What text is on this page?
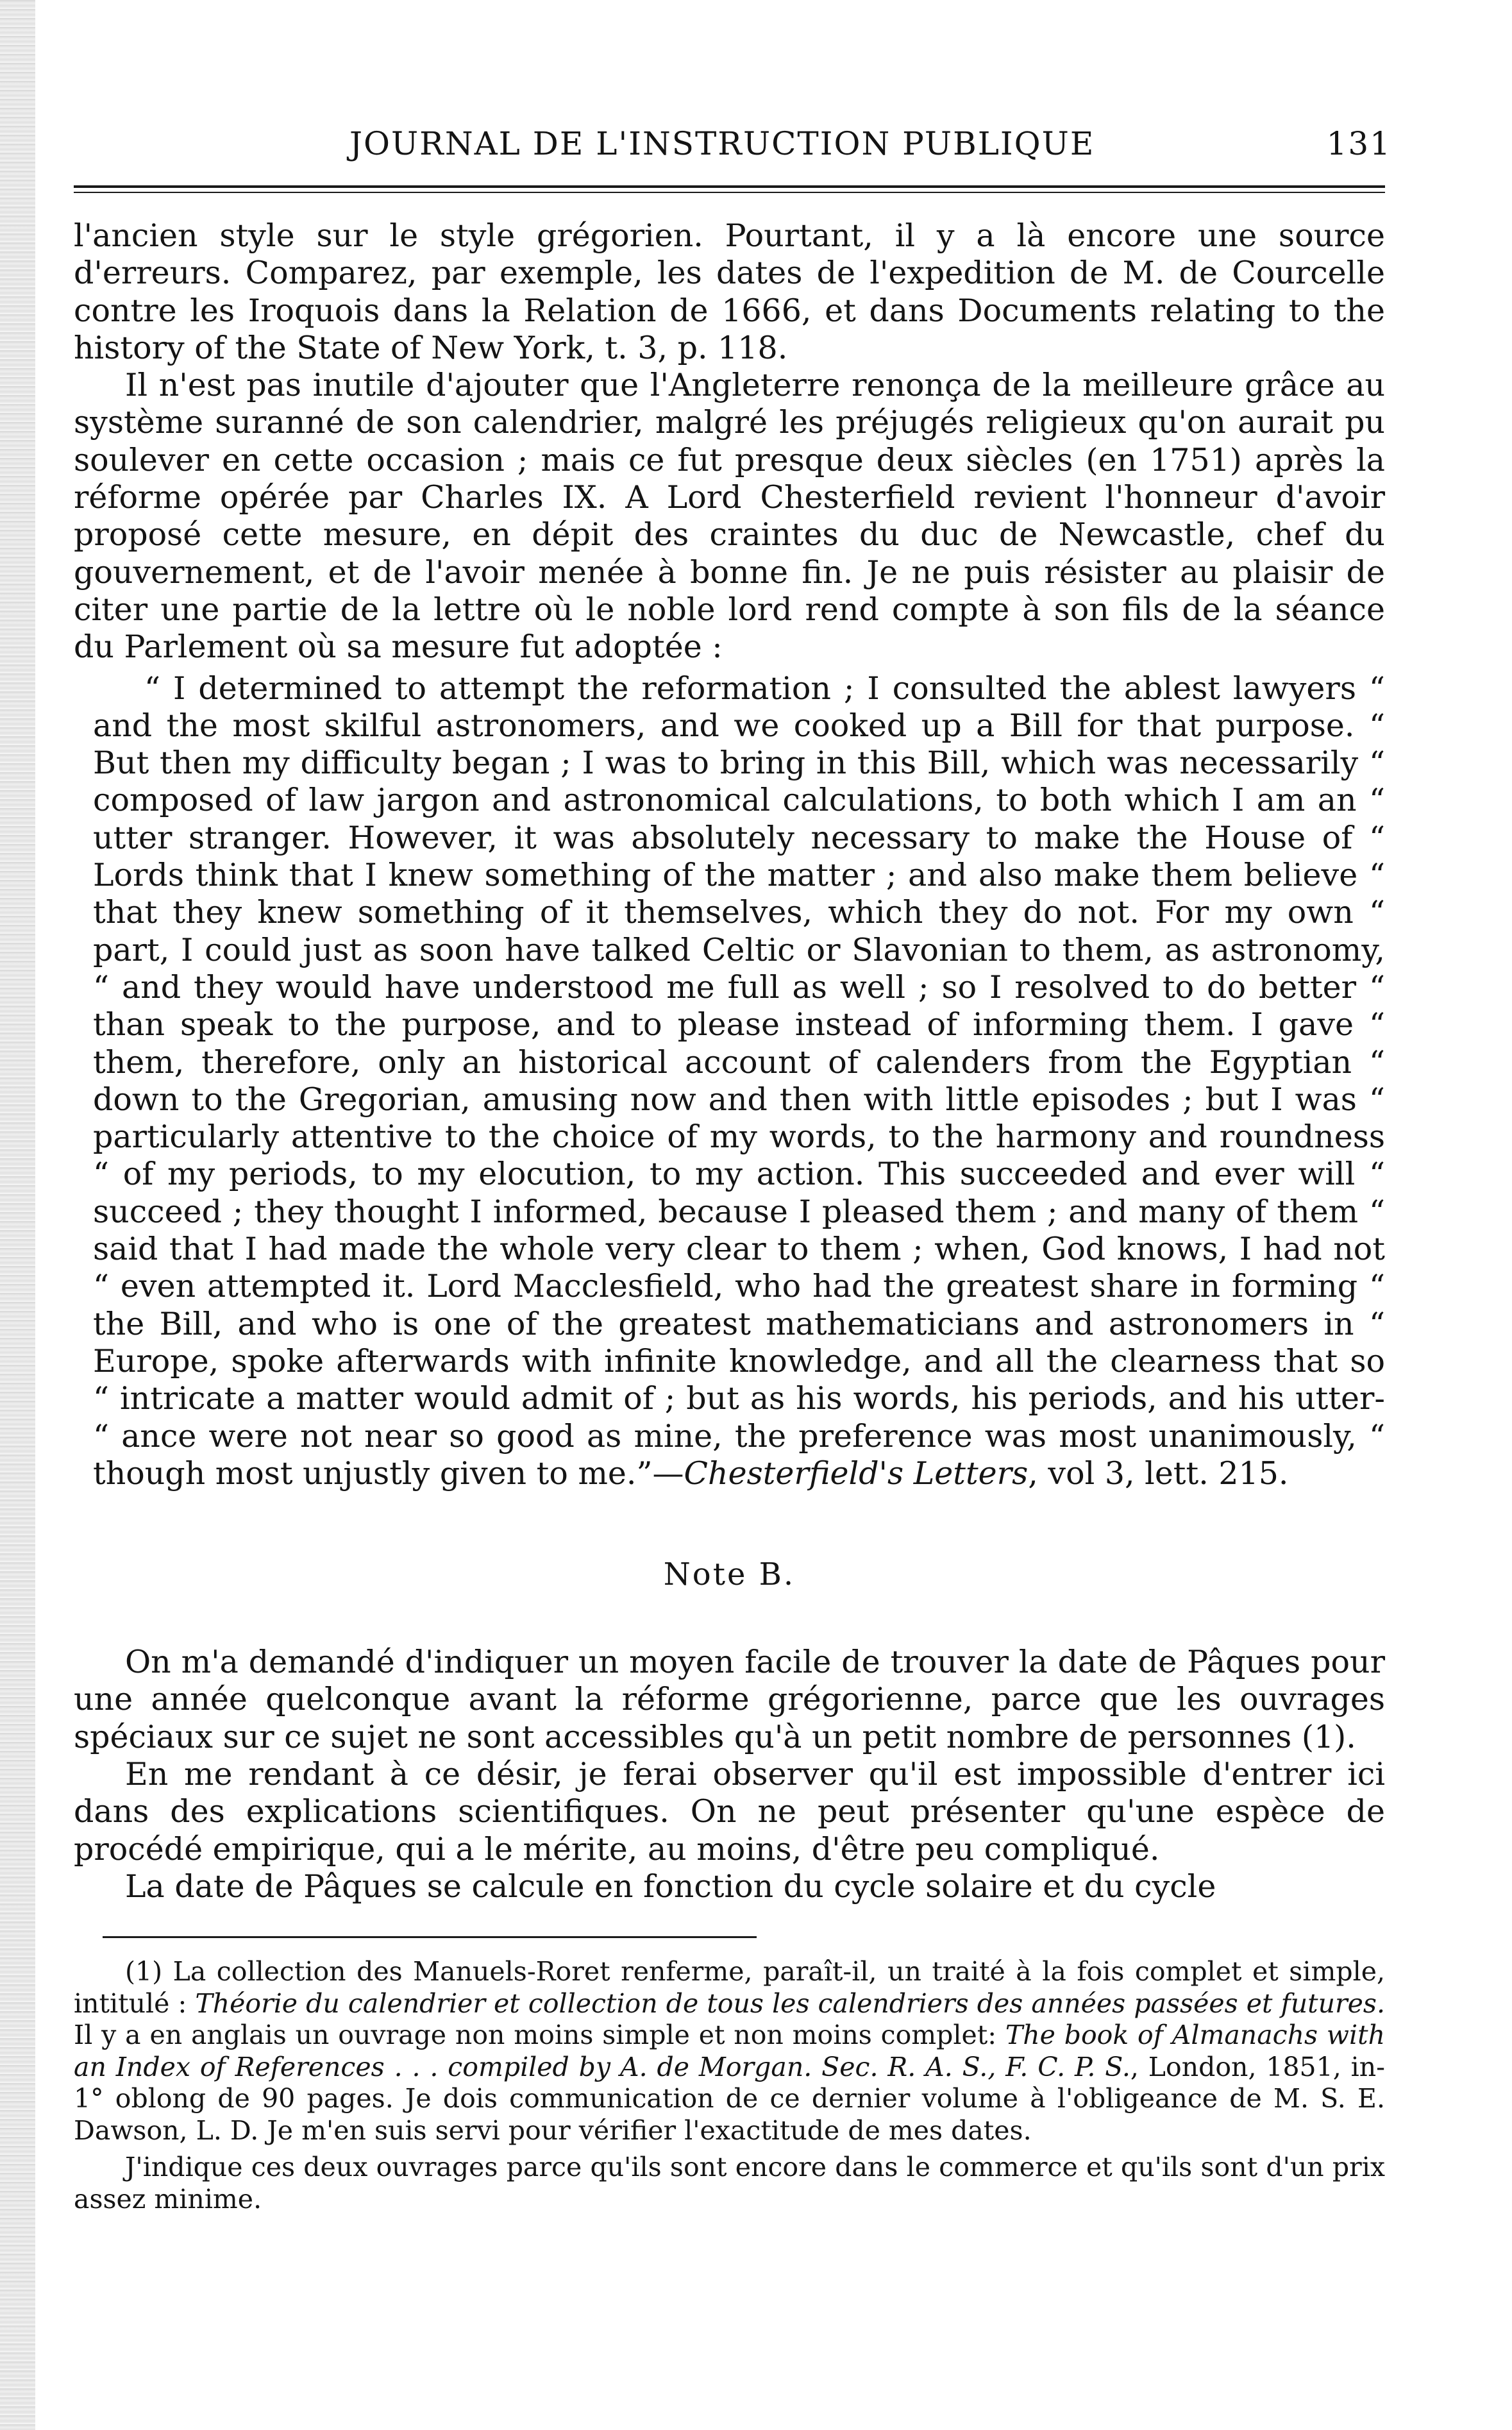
JOURNAL DE L'INSTRUCTION PUBLIQUE	131

l'ancien style sur le style grégorien. Pourtant, il y a là encore une source d'erreurs. Comparez, par exemple, les dates de l'expedition de M. de Courcelle contre les Iroquois dans la Relation de 1666, et dans Documents relating to the history of the State of New York, t. 3, p. 118.

Il n'est pas inutile d'ajouter que l'Angleterre renonça de la meilleure grâce au système suranné de son calendrier, malgré les préjugés religieux qu'on aurait pu soulever en cette occasion ; mais ce fut presque deux siècles (en 1751) après la réforme opérée par Charles IX. A Lord Chesterfield revient l'honneur d'avoir proposé cette mesure, en dépit des craintes du duc de Newcastle, chef du gouvernement, et de l'avoir menée à bonne fin. Je ne puis résister au plaisir de citer une partie de la lettre où le noble lord rend compte à son fils de la séance du Parlement où sa mesure fut adoptée :

“ I determined to attempt the reformation ; I consulted the ablest lawyers “ and the most skilful astronomers, and we cooked up a Bill for that purpose. “ But then my difficulty began ; I was to bring in this Bill, which was necessarily “ composed of law jargon and astronomical calculations, to both which I am an “ utter stranger. However, it was absolutely necessary to make the House of “ Lords think that I knew something of the matter ; and also make them believe “ that they knew something of it themselves, which they do not. For my own “ part, I could just as soon have talked Celtic or Slavonian to them, as astronomy, “ and they would have understood me full as well ; so I resolved to do better “ than speak to the purpose, and to please instead of informing them. I gave “ them, therefore, only an historical account of calenders from the Egyptian “ down to the Gregorian, amusing now and then with little episodes ; but I was “ particularly attentive to the choice of my words, to the harmony and roundness “ of my periods, to my elocution, to my action. This succeeded and ever will “ succeed ; they thought I informed, because I pleased them ; and many of them “ said that I had made the whole very clear to them ; when, God knows, I had not “ even attempted it. Lord Macclesfield, who had the greatest share in forming “ the Bill, and who is one of the greatest mathematicians and astronomers in “ Europe, spoke afterwards with infinite knowledge, and all the clearness that so “ intricate a matter would admit of ; but as his words, his periods, and his utter- “ ance were not near so good as mine, the preference was most unanimously, “ though most unjustly given to me.”—Chesterfield's Letters, vol 3, lett. 215.

Note B.

On m'a demandé d'indiquer un moyen facile de trouver la date de Pâques pour une année quelconque avant la réforme grégorienne, parce que les ouvrages spéciaux sur ce sujet ne sont accessibles qu'à un petit nombre de personnes (1).

En me rendant à ce désir, je ferai observer qu'il est impossible d'entrer ici dans des explications scientifiques. On ne peut présenter qu'une espèce de procédé empirique, qui a le mérite, au moins, d'être peu compliqué.

La date de Pâques se calcule en fonction du cycle solaire et du cycle

(1) La collection des Manuels-Roret renferme, paraît-il, un traité à la fois complet et simple, intitulé : Théorie du calendrier et collection de tous les calendriers des années passées et futures. Il y a en anglais un ouvrage non moins simple et non moins complet: The book of Almanachs with an Index of References . . . compiled by A. de Morgan. Sec. R. A. S., F. C. P. S., London, 1851, in-1° oblong de 90 pages. Je dois communication de ce dernier volume à l'obligeance de M. S. E. Dawson, L. D. Je m'en suis servi pour vérifier l'exactitude de mes dates.

J'indique ces deux ouvrages parce qu'ils sont encore dans le commerce et qu'ils sont d'un prix assez minime.
